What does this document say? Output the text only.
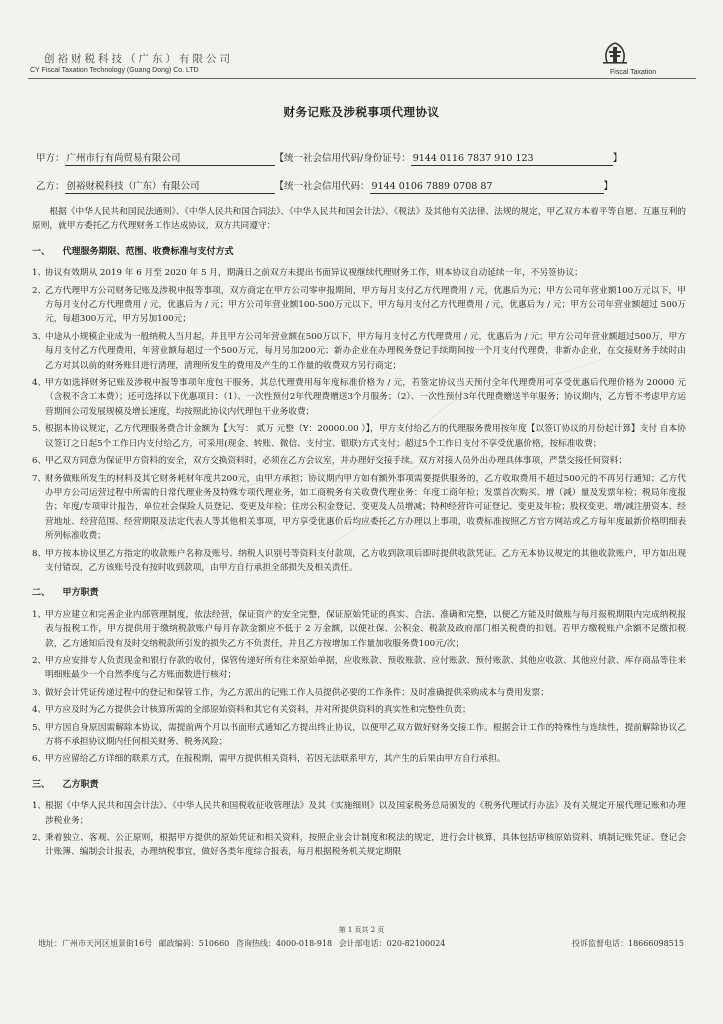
创裕财税科技（广东）有限公司
CY Fiscal Taxation Technology (Guang Dong) Co. LTD	Fiscal Taxation
财务记账及涉税事项代理协议
甲方： 广州市行有尚贸易有限公司	【统一社会信用代码/身份证号： 9144 0116 7837 910 123	】
乙方： 创裕财税科技（广东）有限公司	【统一社会信用代码： 9144 0106 7889 0708 87	】

根据《中华人民共和国民法通则》、《中华人民共和国合同法》、《中华人民共和国会计法》、《税法》及其他有关法律、法规的规定，甲乙双方本着平等自愿、互惠互利的原则，就甲方委托乙方代理财务工作达成协议，双方共同遵守：

一、    代理服务期限、范围、收费标准与支付方式
1、
协议有效期从 2019 年 6 月至 2020 年 5 月，期满日之前双方未提出书面异议视继续代理财务工作，则本协议自动延续一年，不另签协议；
2、
乙方代理甲方公司财务记账及涉税申报等事项，双方商定在甲方公司零申报期间，甲方每月支付乙方代理费用 / 元，优惠后为元；甲方公司年营业额100万元以下，甲方每月支付乙方代理费用 / 元，优惠后为 / 元；甲方公司年营业额100-500万元以下，甲方每月支付乙方代理费用 / 元，优惠后为 / 元；甲方公司年营业额超过 500万元，每超300万元，甲方另加100元；
3、
中途从小规模企业成为一般纳税人当月起，并且甲方公司年营业额在500万以下，甲方每月支付乙方代理费用 / 元，优惠后为 / 元；甲方公司年营业额超过500万，甲方每月支付乙方代理费用，年营业额每超过一个500万元，每月另加200元；新办企业在办理税务登记手续期间按一个月支付代理费，非新办企业，在交接财务手续时由乙方对其以前的财务账目进行清理，清理所发生的费用及产生的工作量的收费双方另行商定；
4、
甲方如选择财务记账及涉税申报等事项年度包干服务，其总代理费用每年度标准价格为 / 元，若签定协议当天预付全年代理费用可享受优惠后代理价格为 20000 元（含税不含工本费）；还可选择以下优惠项目：（1）、一次性预付2年代理费赠送3个月服务；（2）、一次性预付3年代理费赠送半年服务；协议期内，乙方暂不考虑甲方运营期间公司发展规模及增长速度，均按照此协议内代理包干业务收费；
5、
根据本协议规定，乙方代理服务费合计金额为【大写： 贰万 元整（Y：20000.00 ）】，甲方支付给乙方的代理服务费用按年度【以签订协议的月份起计算】支付 自本协议签订之日起5个工作日内支付给乙方，可采用(现金、转账、微信、支付宝、银联)方式支付；超过5个工作日支付不享受优惠价格，按标准收费；
6、
甲乙双方同意为保证甲方资料的安全，双方交换资料时，必须在乙方会议室，并办理好交接手续。双方对接人员外出办理具体事项，严禁交接任何资料；
7、
财务做账所发生的材料及其它财务耗材年度共200元，由甲方承担；协议期内甲方如有额外事项需要提供服务的，乙方收取费用不超过500元的不再另行通知；乙方代办甲方公司运营过程中所需的日常代理业务及特殊专项代理业务，如工商税务有关收费代理业务：年度工商年检；发票首次购买、增（减）量及发票年检；税局年度报告；年度/专项审计报告，单位社会保险人员登记、变更及年检；住房公积金登记、变更及人员增减；特种经营许可证登记、变更及年检；股权变更、增/减注册资本、经营地址、经营范围、经营期限及法定代表人等其他相关事项，甲方享受优惠价后均应委托乙方办理以上事项，收费标准按照乙方官方网站或乙方每年度最新价格明细表所列标准收费；
8、
甲方按本协议里乙方指定的收款账户名称及账号、纳税人识别号等资料支付款项，乙方收到款项后即时提供收款凭证。乙方无本协议规定的其他收款账户，甲方如出现支付错误，乙方该账号没有按时收到款项，由甲方自行承担全部损失及相关责任。
二、    甲方职责
1、
甲方应建立和完善企业内部管理制度，依法经营，保证资产的安全完整，保证原始凭证的真实、合法、准确和完整，以便乙方能及时做账与每月报税期限内完成纳税报表与报税工作，甲方提供用于缴纳税款账户每月存款金额应不低于 2 万金额，以便社保、公积金、税款及政府部门相关税费的扣划。若甲方缴税账户余额不足缴扣税款，乙方通知后没有及时交纳税款所引发的损失乙方不负责任，并且乙方按增加工作量加收服务费100元/次；
2、
甲方应安排专人负责现金和银行存款的收付，保管传递好所有往来原始单据，应收账款、预收账款、应付账款、预付账款、其他应收款、其他应付款、库存商品等往来明细账最少一个自然季度与乙方账面数进行核对；
3、
做好会计凭证传递过程中的登记和保管工作，为乙方派出的记账工作人员提供必要的工作条件；及时准确提供采购成本与费用发票；
4、
甲方应及时为乙方提供会计核算所需的全部原始资料和其它有关资料，并对所提供资料的真实性和完整性负责；
5、
甲方因自身原因需解除本协议，需提前两个月以书面形式通知乙方提出终止协议，以便甲乙双方做好财务交接工作。根据会计工作的特殊性与连续性，提前解除协议乙方将不承担协议期内任何相关财务、税务风险；
6、
甲方应留给乙方详细的联系方式，在报税期，需甲方提供相关资料，若因无法联系甲方，其产生的后果由甲方自行承担。
三、    乙方职责
1、
根据《中华人民共和国会计法》、《中华人民共和国税收征收管理法》及其《实施细则》以及国家税务总局颁发的《税务代理试行办法》及有关规定开展代理记账和办理涉税业务；
2、
秉着独立、客观、公正原则，根据甲方提供的原始凭证和相关资料，按照企业会计制度和税法的规定，进行会计核算，具体包括审核原始资料、填制记账凭证、登记会计账簿、编制会计报表，办理纳税事宜，做好各类年度综合报表，每月根据税务机关规定期限
第 1 页共 2 页
地址：广州市天河区旭景街16号 邮政编码：510660 咨询热线：4000-018-918 会计部电话：020-82100024	投诉监督电话：18666098515
